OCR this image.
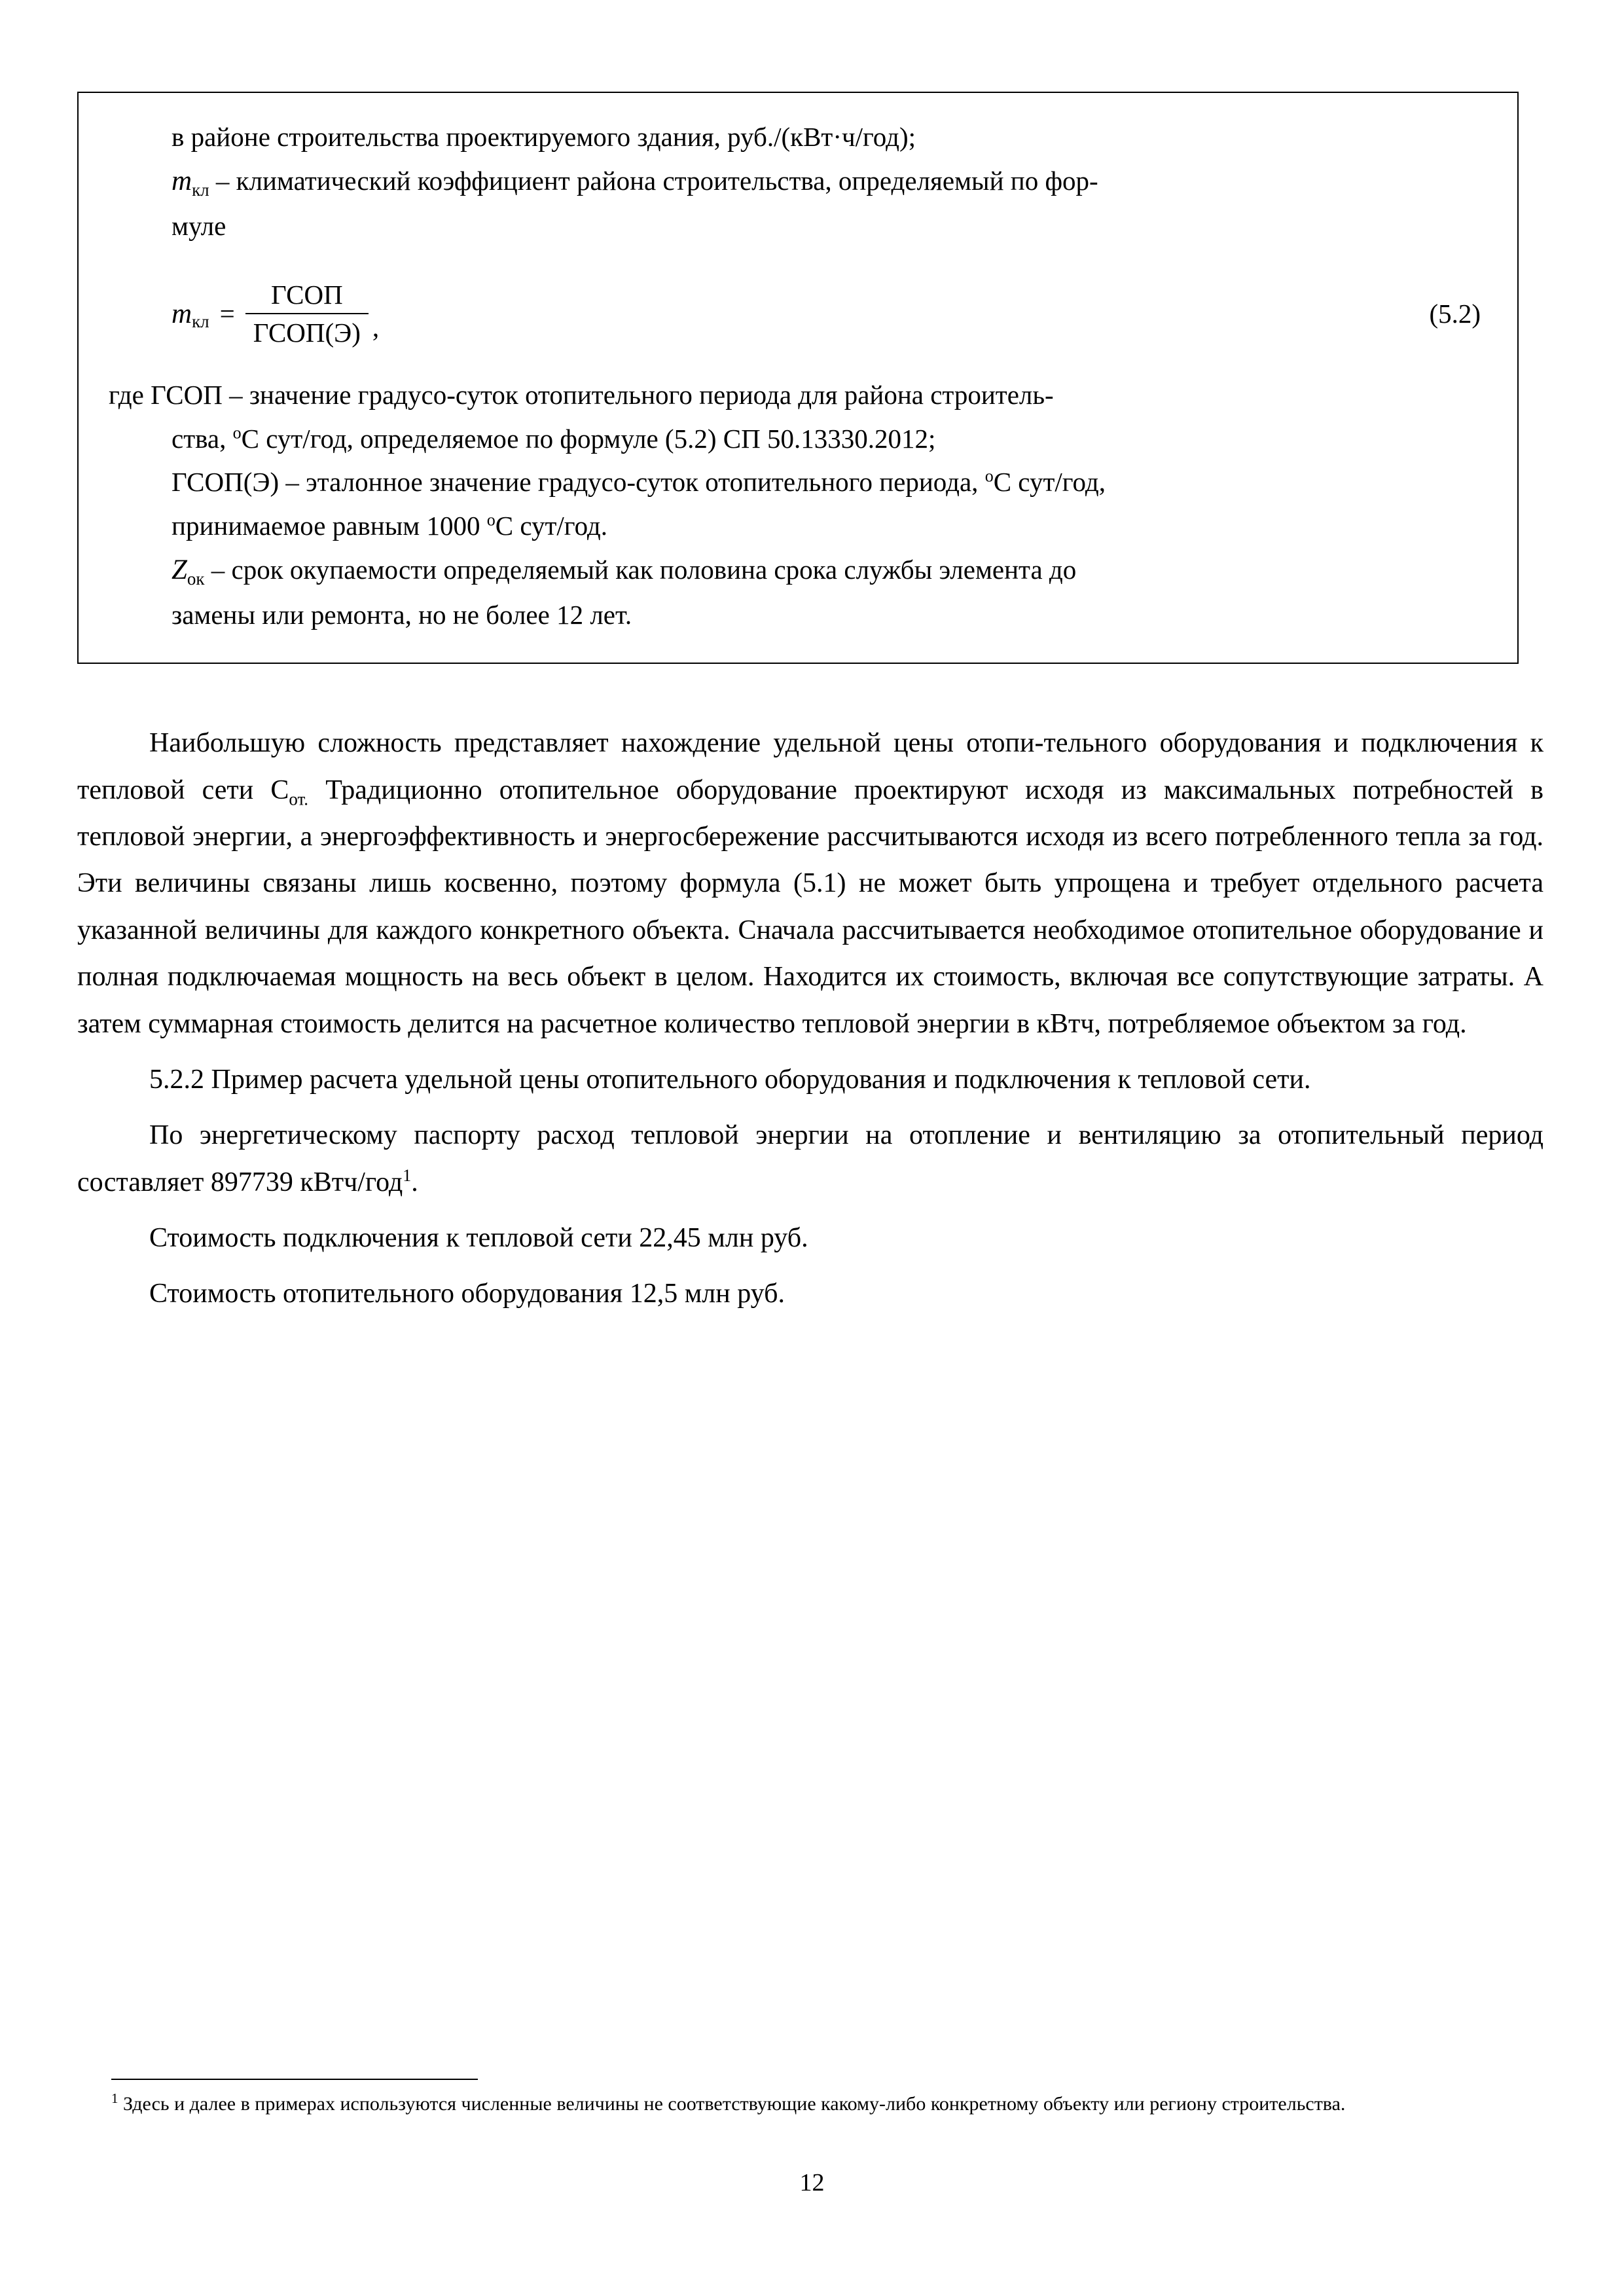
в районе строительства проектируемого здания, руб./(кВт·ч/год);

$m_{кл}$ – климатический коэффициент района строительства, определяемый по фор-

муле

m кл = $\frac{\text{ГСОП}}{\text{ГСОП(Э)}}$ ,	(5.2)

где ГСОП – значение градусо-суток отопительного периода для района строитель-

ства, $^о$С сут/год, определяемое по формуле (5.2) СП 50.13330.2012;

ГСОП(Э) – эталонное значение градусо-суток отопительного периода, $^о$С сут/год,

принимаемое равным 1000 $^о$С сут/год.

$Z_{ок}$ – срок окупаемости определяемый как половина срока службы элемента до

замены или ремонта, но не более 12 лет.

Наибольшую сложность представляет нахождение удельной цены отопи-тельного оборудования и подключения к тепловой сети $С_{от.}$ Традиционно отопительное оборудование проектируют исходя из максимальных потребностей в тепловой энергии, а энергоэффективность и энергосбережение рассчитываются исходя из всего потребленного тепла за год. Эти величины связаны лишь косвенно, поэтому формула (5.1) не может быть упрощена и требует отдельного расчета указанной величины для каждого конкретного объекта. Сначала рассчитывается необходимое отопительное оборудование и полная подключаемая мощность на весь объект в целом. Находится их стоимость, включая все сопутствующие затраты. А затем суммарная стоимость делится на расчетное количество тепловой энергии в кВтч, потребляемое объектом за год.

5.2.2 Пример расчета удельной цены отопительного оборудования и подключения к тепловой сети.

По энергетическому паспорту расход тепловой энергии на отопление и вентиляцию за отопительный период составляет 897739 кВтч/год$^1$.

Стоимость подключения к тепловой сети 22,45 млн руб.

Стоимость отопительного оборудования 12,5 млн руб.

$^1$ Здесь и далее в примерах используются численные величины не соответствующие какому-либо конкретному объекту или региону строительства.

12
